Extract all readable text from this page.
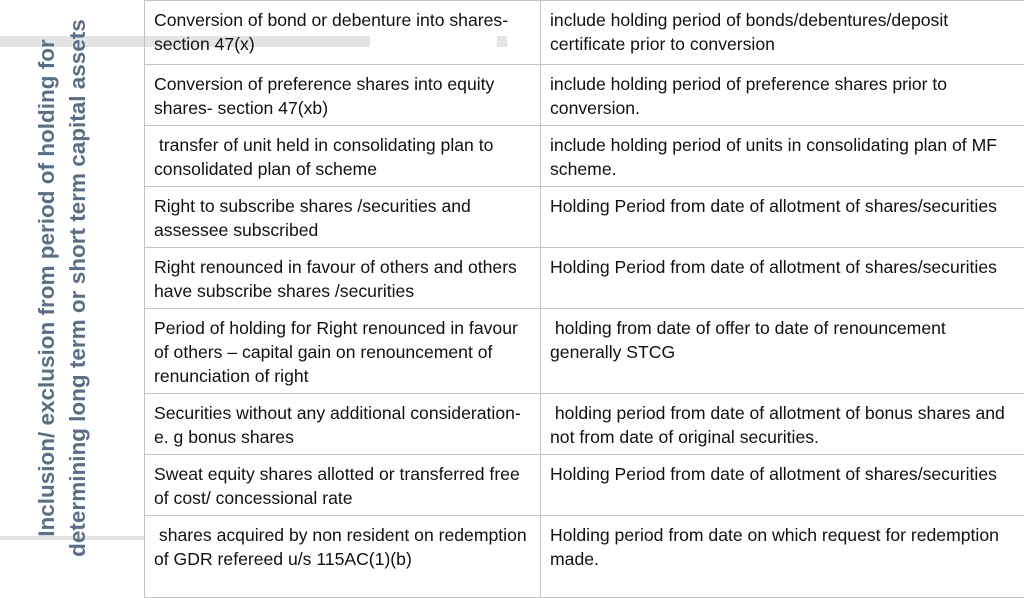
Inclusion/ exclusion from period of holding for determining long term or short term capital assets	Conversion of bond or debenture into shares- section 47(x)	include holding period of bonds/debentures/deposit certificate prior to conversion
Conversion of preference shares into equity shares- section 47(xb)	include holding period of preference shares prior to conversion.
transfer of unit held in consolidating plan to consolidated plan of scheme	include holding period of units in consolidating plan of MF  scheme.
Right to subscribe shares /securities and assessee subscribed	Holding Period from date of allotment of shares/securities
Right renounced in favour of others and others have subscribe shares /securities	Holding Period from date of allotment of shares/securities
Period of holding for Right renounced in favour of others – capital gain on renouncement of renunciation of right	holding from date of offer to date of renouncement generally STCG
Securities without any additional consideration- e. g bonus shares	holding period from date of allotment of bonus shares and not from date of original securities.
Sweat equity shares allotted or transferred free of cost/ concessional rate	Holding Period from date of allotment of shares/securities
shares acquired by non resident on redemption of GDR refereed u/s 115AC(1)(b)	Holding period from date on which request for redemption made.
